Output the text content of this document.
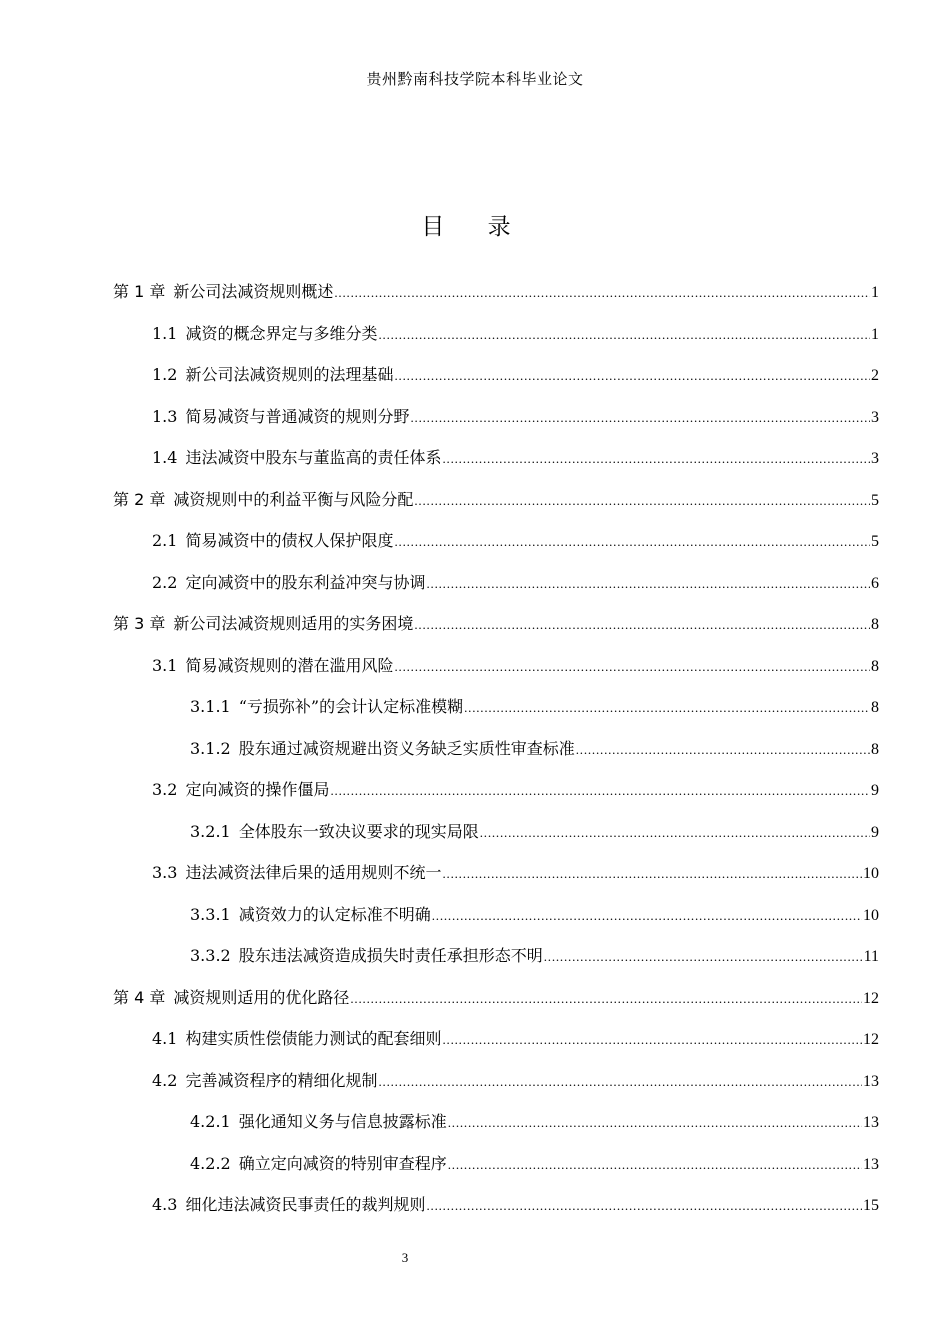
贵州黔南科技学院本科毕业论文
目 录
第 1 章 新公司法减资规则概述 .....	1
1.1 减资的概念界定与多维分类 .....	1
1.2 新公司法减资规则的法理基础 .....	2
1.3 简易减资与普通减资的规则分野 .....	3
1.4 违法减资中股东与董监高的责任体系 .....	3
第 2 章 减资规则中的利益平衡与风险分配 .....	5
2.1 简易减资中的债权人保护限度 .....	5
2.2 定向减资中的股东利益冲突与协调 .....	6
第 3 章 新公司法减资规则适用的实务困境 .....	8
3.1 简易减资规则的潜在滥用风险 .....	8
3.1.1 “亏损弥补”的会计认定标准模糊 .....	8
3.1.2 股东通过减资规避出资义务缺乏实质性审查标准 .....	8
3.2 定向减资的操作僵局 .....	9
3.2.1 全体股东一致决议要求的现实局限 .....	9
3.3 违法减资法律后果的适用规则不统一 .....	10
3.3.1 减资效力的认定标准不明确 .....	10
3.3.2 股东违法减资造成损失时责任承担形态不明 .....	11
第 4 章 减资规则适用的优化路径 .....	12
4.1 构建实质性偿债能力测试的配套细则 .....	12
4.2 完善减资程序的精细化规制 .....	13
4.2.1 强化通知义务与信息披露标准 .....	13
4.2.2 确立定向减资的特别审查程序 .....	13
4.3 细化违法减资民事责任的裁判规则 .....	15
3
